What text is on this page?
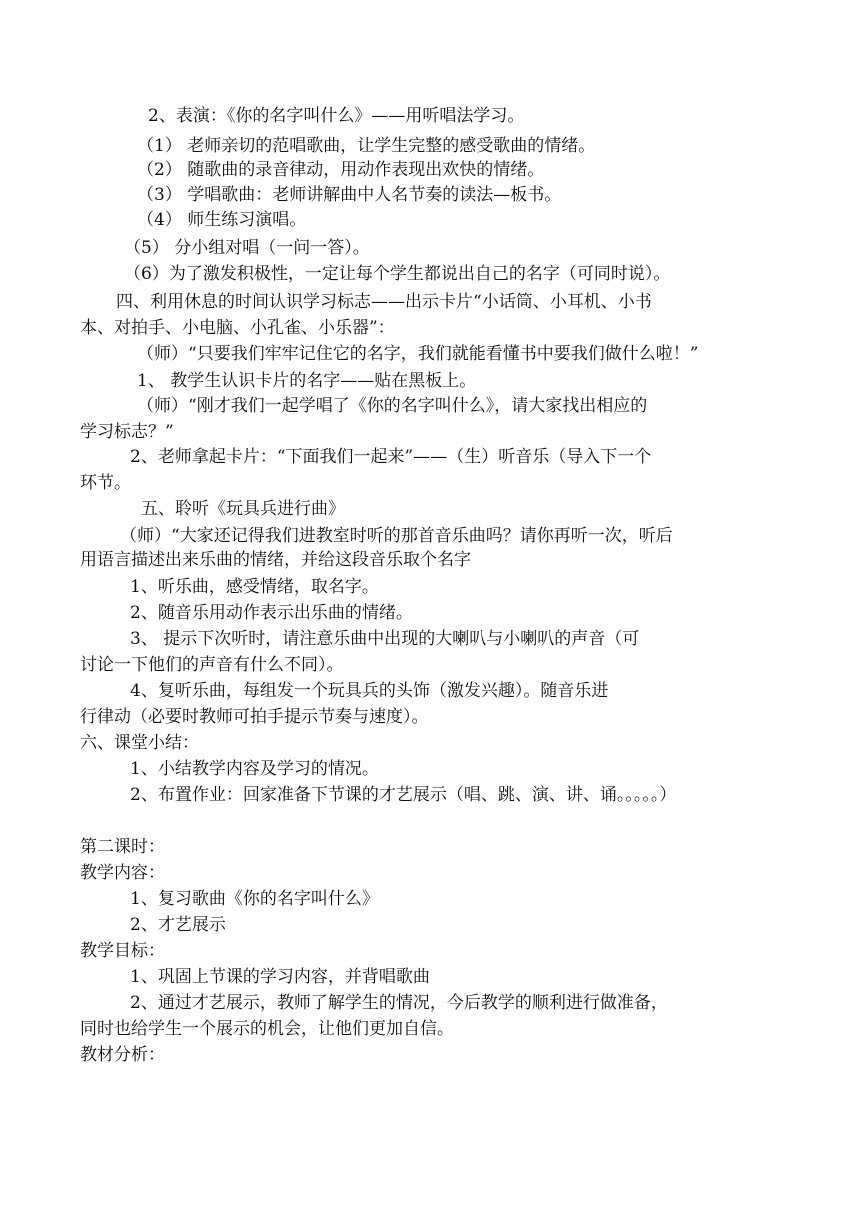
2、表演：《你的名字叫什么》——用听唱法学习。
（1） 老师亲切的范唱歌曲，让学生完整的感受歌曲的情绪。
（2） 随歌曲的录音律动，用动作表现出欢快的情绪。
（3） 学唱歌曲：老师讲解曲中人名节奏的读法—板书。
（4） 师生练习演唱。
（5） 分小组对唱（一问一答）。
（6）为了激发积极性，一定让每个学生都说出自己的名字（可同时说）。
四、利用休息的时间认识学习标志——出示卡片“小话筒、小耳机、小书
本、对拍手、小电脑、小孔雀、小乐器”：
（师）“只要我们牢牢记住它的名字，我们就能看懂书中要我们做什么啦！”
1、 教学生认识卡片的名字——贴在黑板上。
（师）“刚才我们一起学唱了《你的名字叫什么》，请大家找出相应的
学习标志？”
2、老师拿起卡片：“下面我们一起来”——（生）听音乐（导入下一个
环节。
五、聆听《玩具兵进行曲》
（师）“大家还记得我们进教室时听的那首音乐曲吗？请你再听一次，听后
用语言描述出来乐曲的情绪，并给这段音乐取个名字
1、听乐曲，感受情绪，取名字。
2、随音乐用动作表示出乐曲的情绪。
3、 提示下次听时，请注意乐曲中出现的大喇叭与小喇叭的声音（可
讨论一下他们的声音有什么不同）。
4、复听乐曲，每组发一个玩具兵的头饰（激发兴趣）。随音乐进
行律动（必要时教师可拍手提示节奏与速度）。
六、课堂小结：
1、小结教学内容及学习的情况。
2、布置作业：回家准备下节课的才艺展示（唱、跳、演、讲、诵。。。。。）
第二课时：
教学内容：
1、复习歌曲《你的名字叫什么》
2、才艺展示
教学目标：
1、巩固上节课的学习内容，并背唱歌曲
2、通过才艺展示，教师了解学生的情况，今后教学的顺利进行做准备，
同时也给学生一个展示的机会，让他们更加自信。
教材分析：
